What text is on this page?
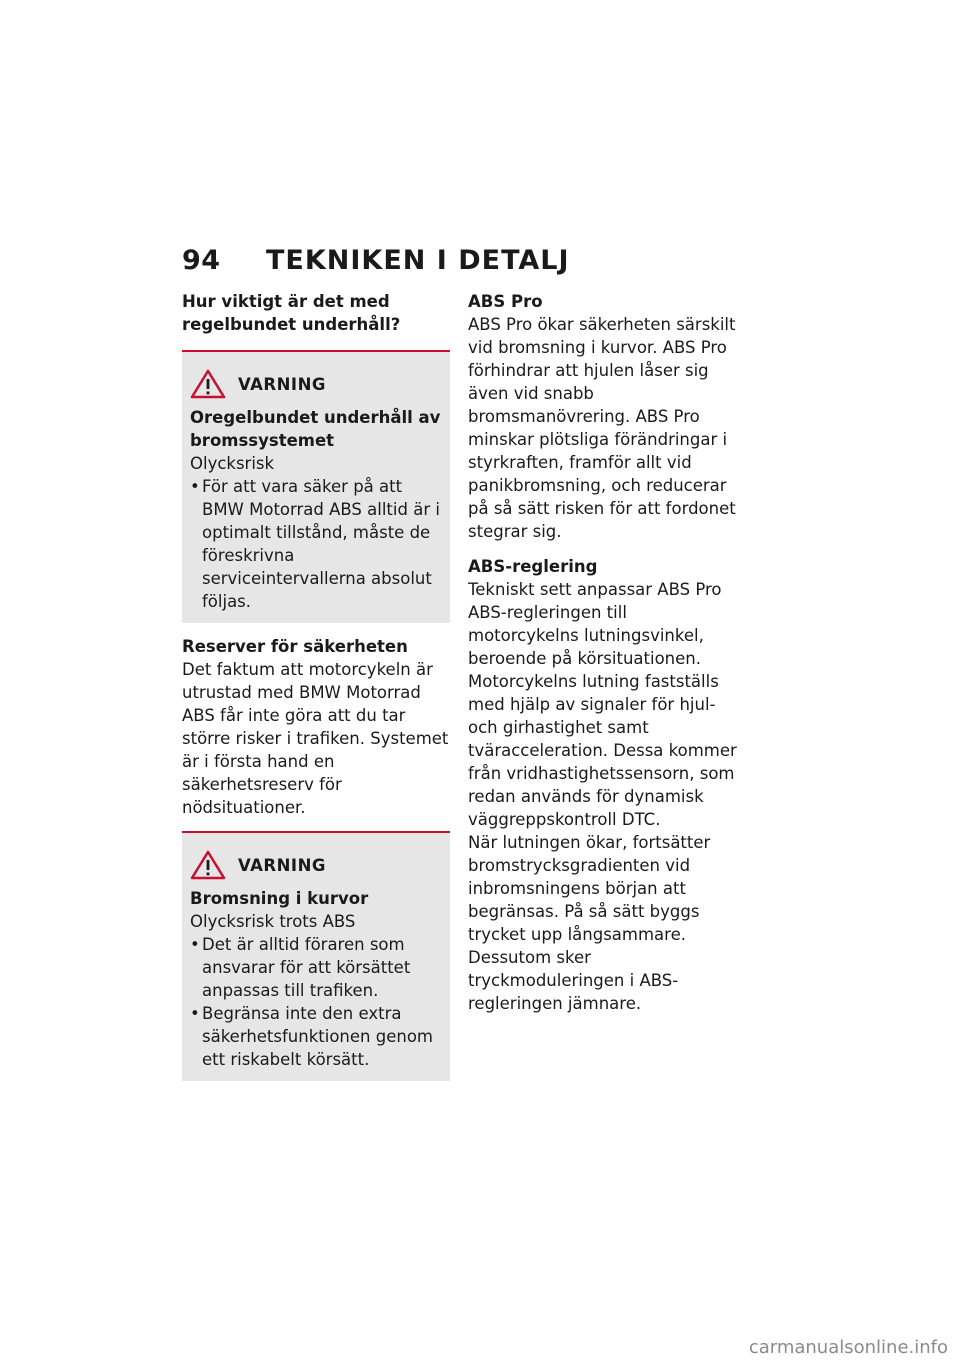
94 TEKNIKEN I DETALJ

Hur viktigt är det med regelbundet underhåll?

VARNING
Oregelbundet underhåll av bromssystemet
Olycksrisk
• För att vara säker på att BMW Motorrad ABS alltid är i optimalt tillstånd, måste de föreskrivna serviceintervallerna absolut följas.

Reserver för säkerheten

Det faktum att motorcykeln är utrustad med BMW Motorrad ABS får inte göra att du tar större risker i trafiken. Systemet är i första hand en säkerhetsreserv för nödsituationer.

VARNING
Bromsning i kurvor
Olycksrisk trots ABS
• Det är alltid föraren som ansvarar för att körsättet anpassas till trafiken.
• Begränsa inte den extra säkerhetsfunktionen genom ett riskabelt körsätt.

ABS Pro

ABS Pro ökar säkerheten särskilt vid bromsning i kurvor. ABS Pro förhindrar att hjulen låser sig även vid snabb bromsmanövrering. ABS Pro minskar plötsliga förändringar i styrkraften, framför allt vid panikbromsning, och reducerar på så sätt risken för att fordonet stegrar sig.

ABS-reglering

Tekniskt sett anpassar ABS Pro ABS-regleringen till motorcykelns lutningsvinkel, beroende på körsituationen. Motorcykelns lutning fastställs med hjälp av signaler för hjul- och girhastighet samt tväracceleration. Dessa kommer från vridhastighetssensorn, som redan används för dynamisk väggreppskontroll DTC.

När lutningen ökar, fortsätter bromstrycksgradienten vid inbromsningens början att begränsas. På så sätt byggs trycket upp långsammare. Dessutom sker tryckmoduleringen i ABS-regleringen jämnare.

carmanualsonline.info
